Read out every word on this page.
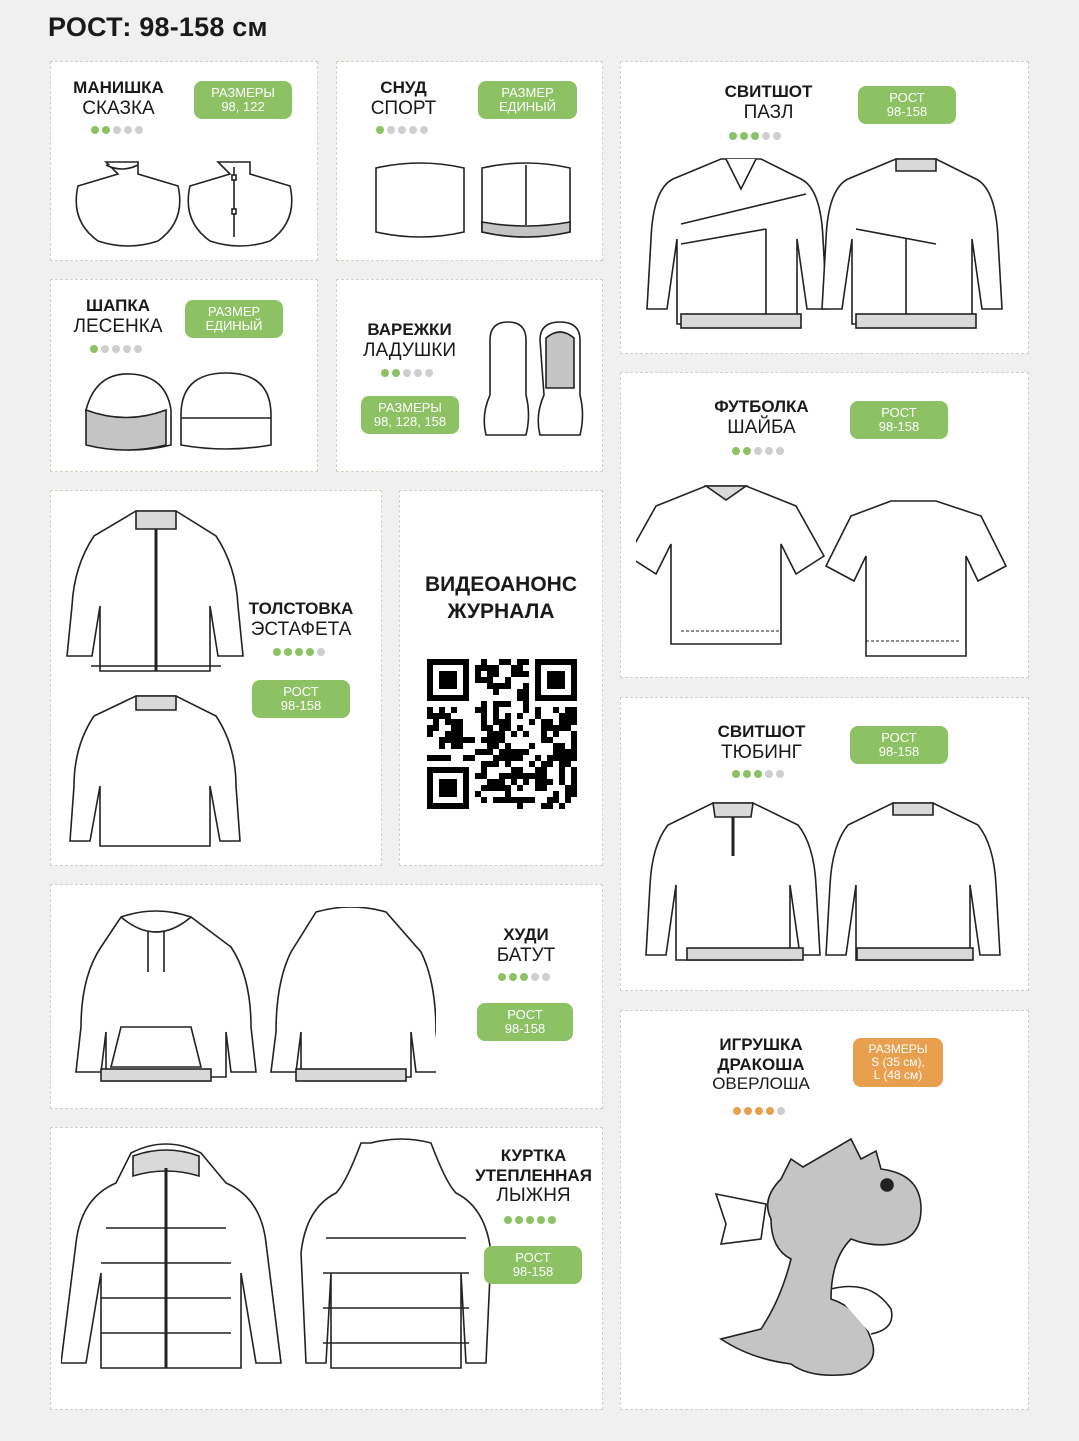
РОСТ: 98-158 см
МАНИШКА
СКАЗКА
РАЗМЕРЫ
98, 122
СНУД
СПОРТ
РАЗМЕР
ЕДИНЫЙ
СВИТШОТ
ПАЗЛ
РОСТ
98-158
ШАПКА
ЛЕСЕНКА
РАЗМЕР
ЕДИНЫЙ	ВАРЕЖКИ
ЛАДУШКИ
РАЗМЕРЫ
98, 128, 158
ФУТБОЛКА
ШАЙБА
РОСТ
98-158
ТОЛСТОВКА
ЭСТАФЕТА
РОСТ
98-158
ВИДЕОАНОНС
ЖУРНАЛА
СВИТШОТ
ТЮБИНГ
РОСТ
98-158
ХУДИ
БАТУТ
РОСТ
98-158
ИГРУШКА
ДРАКОША
ОВЕРЛОША
РАЗМЕРЫ
S (35 см),
L (48 см)
КУРТКА
УТЕПЛЕННАЯ
ЛЫЖНЯ
РОСТ
98-158
